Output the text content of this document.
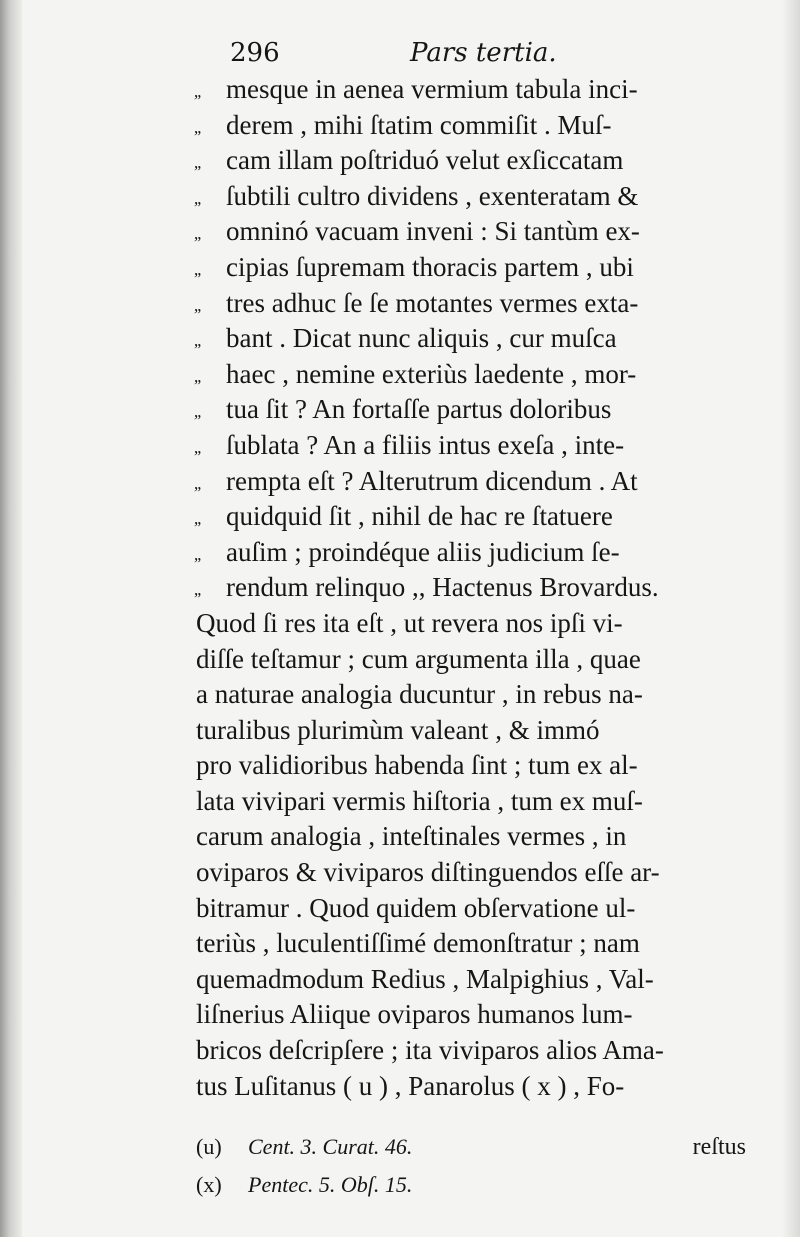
296	Pars tertia.
,, mesque in aenea vermium tabula inci-
,, derem , mihi ſtatim commiſit . Muſ-
,, cam illam poſtriduó velut exſiccatam
,, ſubtili cultro dividens , exenteratam &
,, omninó vacuam inveni : Si tantùm ex-
,, cipias ſupremam thoracis partem , ubi
,, tres adhuc ſe ſe motantes vermes exta-
,, bant . Dicat nunc aliquis , cur muſca
,, haec , nemine exteriùs laedente , mor-
,, tua ſit ? An fortaſſe partus doloribus
,, ſublata ? An a filiis intus exeſa , inte-
,, rempta eſt ? Alterutrum dicendum . At
,, quidquid ſit , nihil de hac re ſtatuere
,, auſim ; proindéque aliis judicium ſe-
,, rendum relinquo ,, Hactenus Brovardus.
Quod ſi res ita eſt , ut revera nos ipſi vi-
diſſe teſtamur ; cum argumenta illa , quae
a naturae analogia ducuntur , in rebus na-
turalibus plurimùm valeant , & immó
pro validioribus habenda ſint ; tum ex al-
lata vivipari vermis hiſtoria , tum ex muſ-
carum analogia , inteſtinales vermes , in
oviparos & viviparos diſtinguendos eſſe ar-
bitramur . Quod quidem obſervatione ul-
teriùs , luculentiſſimé demonſtratur ; nam
quemadmodum Redius , Malpighius , Val-
liſnerius Aliique oviparos humanos lum-
bricos deſcripſere ; ita viviparos alios Ama-
tus Luſitanus ( u ) , Panarolus ( x ) , Fo-
(u) Cent. 3. Curat. 46.	reſtus
(x) Pentec. 5. Obſ. 15.
